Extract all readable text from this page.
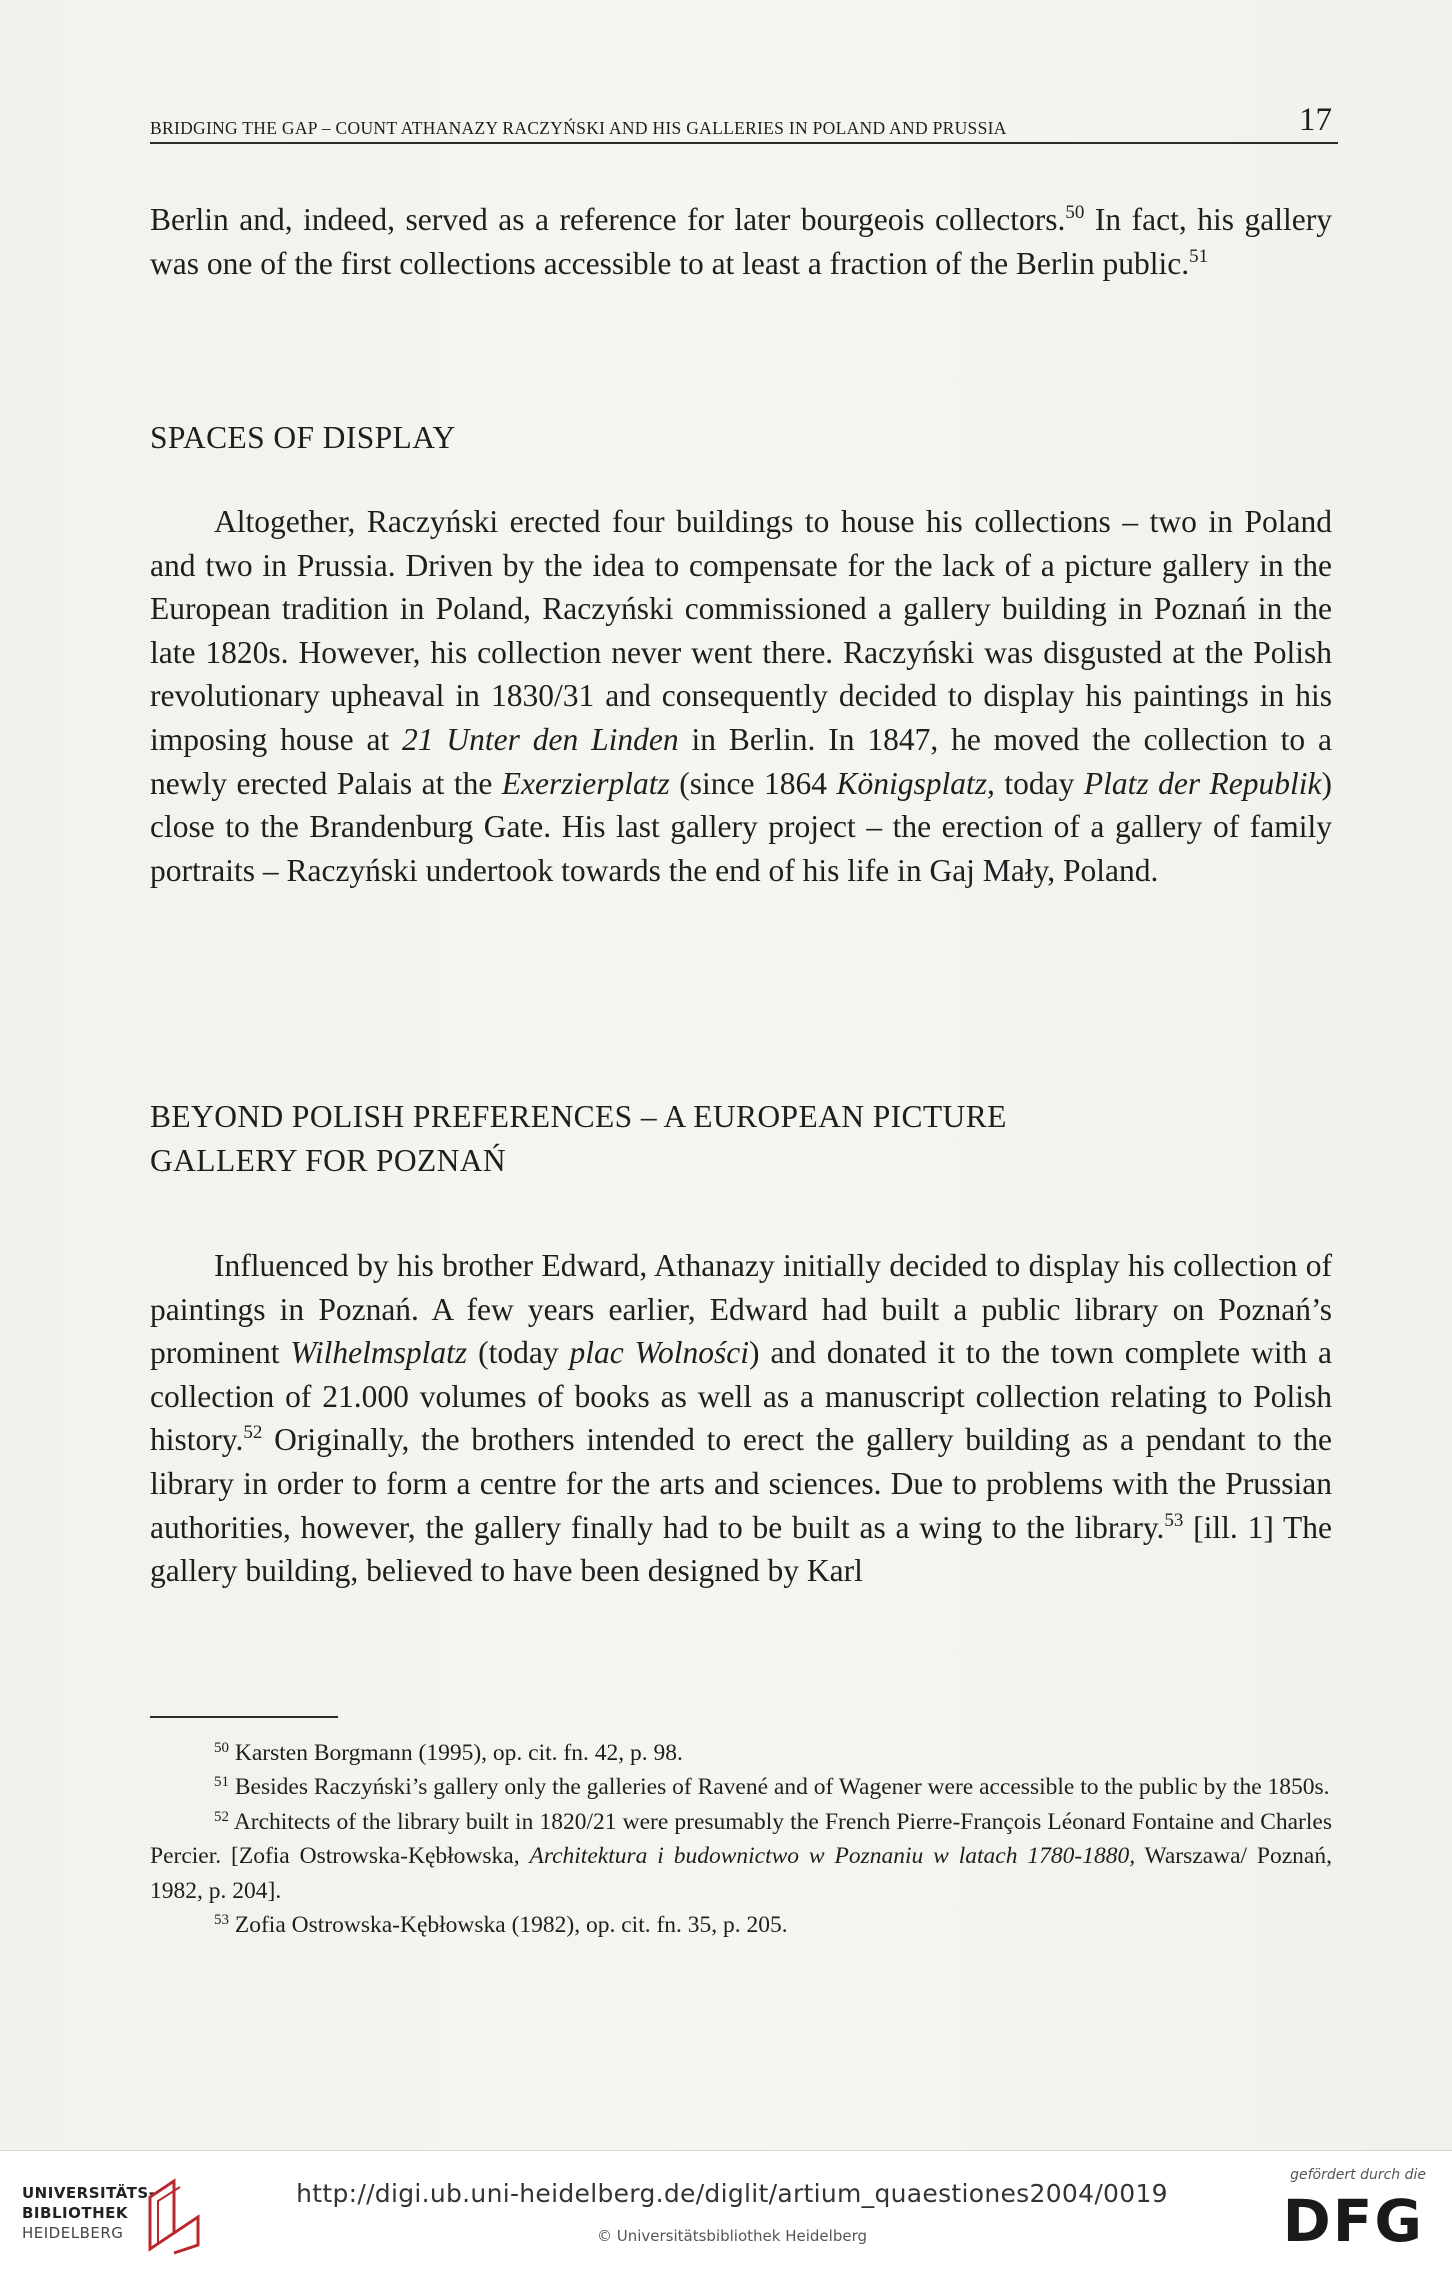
BRIDGING THE GAP – COUNT ATHANAZY RACZYŃSKI AND HIS GALLERIES IN POLAND AND PRUSSIA	17

Berlin and, indeed, served as a reference for later bourgeois collectors.$^{50}$ In fact, his gallery was one of the first collections accessible to at least a fraction of the Berlin public.$^{51}$

SPACES OF DISPLAY

Altogether, Raczyński erected four buildings to house his collections – two in Poland and two in Prussia. Driven by the idea to compensate for the lack of a picture gallery in the European tradition in Poland, Raczyński commissioned a gallery building in Poznań in the late 1820s. However, his collection never went there. Raczyński was disgusted at the Polish revolutionary upheaval in 1830/31 and consequently decided to display his paintings in his imposing house at 21 Unter den Linden in Berlin. In 1847, he moved the collection to a newly erected Palais at the Exerzierplatz (since 1864 Königsplatz, today Platz der Republik) close to the Brandenburg Gate. His last gallery project – the erection of a gallery of family portraits – Raczyński undertook towards the end of his life in Gaj Mały, Poland.

BEYOND POLISH PREFERENCES – A EUROPEAN PICTURE
GALLERY FOR POZNAŃ

Influenced by his brother Edward, Athanazy initially decided to display his collection of paintings in Poznań. A few years earlier, Edward had built a public library on Poznań’s prominent Wilhelmsplatz (today plac Wolności) and donated it to the town complete with a collection of 21.000 volumes of books as well as a manuscript collection relating to Polish history.$^{52}$ Originally, the brothers intended to erect the gallery building as a pendant to the library in order to form a centre for the arts and sciences. Due to problems with the Prussian authorities, however, the gallery finally had to be built as a wing to the library.$^{53}$ [ill. 1] The gallery building, believed to have been designed by Karl

$^{50}$ Karsten Borgmann (1995), op. cit. fn. 42, p. 98.

$^{51}$ Besides Raczyński’s gallery only the galleries of Ravené and of Wagener were accessible to the public by the 1850s.

$^{52}$ Architects of the library built in 1820/21 were presumably the French Pierre-François Léonard Fontaine and Charles Percier. [Zofia Ostrowska-Kębłowska, Architektura i budownictwo w Poznaniu w latach 1780-1880, Warszawa/ Poznań, 1982, p. 204].

$^{53}$ Zofia Ostrowska-Kębłowska (1982), op. cit. fn. 35, p. 205.

UNIVERSITÄTS-
BIBLIOTHEK
HEIDELBERG
http://digi.ub.uni-heidelberg.de/diglit/artium_quaestiones2004/0019
© Universitätsbibliothek Heidelberg
gefördert durch die
DFG
